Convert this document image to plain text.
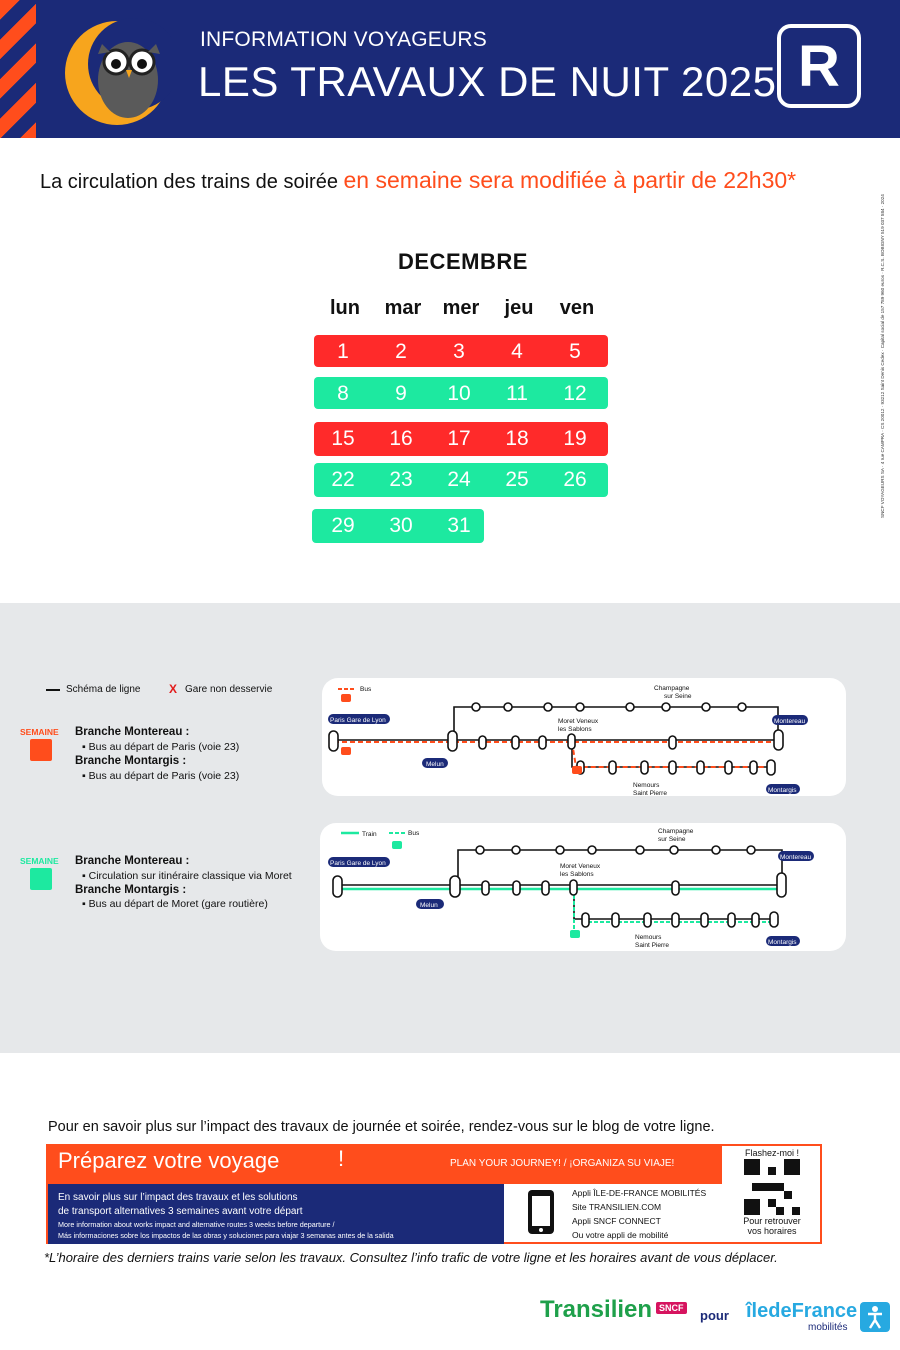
INFORMATION VOYAGEURS
LES TRAVAUX DE NUIT 2025 R
La circulation des trains de soirée en semaine sera modifiée à partir de 22h30*
SNCF VOYAGEURS SA · 4 rue CAMPRA · CS 20012 · 93212 Saint Denis Cedex · Capital social de 157 789 960 euros · R.C.S. BOBIGNY 519 037 584 · 2024
DECEMBRE
lun	mar	mer	jeu	ven
1	2	3	4	5
8	9	10	11	12
15	16	17	18	19
22	23	24	25	26
29	30	31
Schéma de ligne X Gare non desservie
SEMAINE Branche Montereau :
▪ Bus au départ de Paris (voie 23)
Branche Montargis :
▪ Bus au départ de Paris (voie 23)
SEMAINE Branche Montereau :
▪ Circulation sur itinéraire classique via Moret
Branche Montargis :
▪ Bus au départ de Moret (gare routière)
Bus
Paris Gare de Lyon
Melun
Montereau
Montargis
Moret Veneux
les Sablons
Champagne
sur Seine
Nemours
Saint Pierre
Train	Bus
Paris Gare de Lyon
Melun
Montereau
Montargis
Moret Veneux
les Sablons
Champagne
sur Seine
Nemours
Saint Pierre
Pour en savoir plus sur l’impact des travaux de journée et soirée, rendez-vous sur le blog de votre ligne.
Préparez votre voyage	!	PLAN YOUR JOURNEY! / ¡ORGANIZA SU VIAJE!
En savoir plus sur l’impact des travaux et les solutions
de transport alternatives 3 semaines avant votre départ
More information about works impact and alternative routes 3 weeks before departure /
Más informaciones sobre los impactos de las obras y soluciones para viajar 3 semanas antes de la salida
Appli ÎLE-DE-FRANCE MOBILITÉS
Site TRANSILIEN.COM
Appli SNCF CONNECT
Ou votre appli de mobilité
Flashez-moi !
Pour retrouver
vos horaires
*L’horaire des derniers trains varie selon les travaux. Consultez l’info trafic de votre ligne et les horaires avant de vous déplacer.
Transilien SNCF pour îledeFrance
mobilités
